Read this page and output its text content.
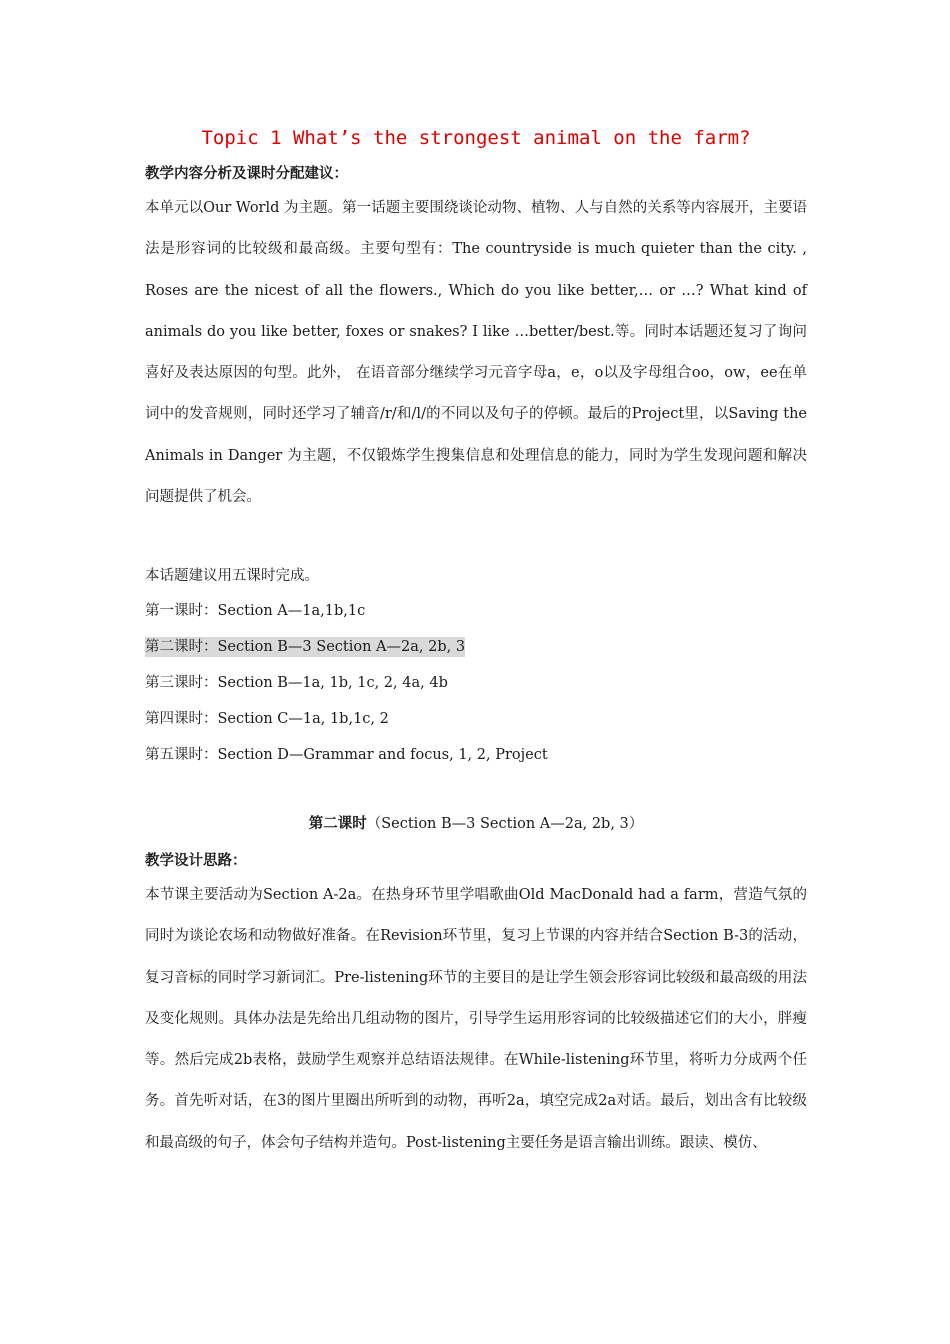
Topic 1 What’s the strongest animal on the farm?
教学内容分析及课时分配建议：
本单元以Our World 为主题。第一话题主要围绕谈论动物、植物、人与自然的关系等内容展开，主要语法是形容词的比较级和最高级。主要句型有：The countryside is much quieter than the city. , Roses are the nicest of all the flowers., Which do you like better,… or …? What kind of animals do you like better, foxes or snakes? I like …better/best.等。同时本话题还复习了询问喜好及表达原因的句型。此外， 在语音部分继续学习元音字母a，e，o以及字母组合oo，ow，ee在单词中的发音规则，同时还学习了辅音/r/和/l/的不同以及句子的停顿。最后的Project里，以Saving the Animals in Danger 为主题，不仅锻炼学生搜集信息和处理信息的能力，同时为学生发现问题和解决问题提供了机会。
本话题建议用五课时完成。
第一课时：Section A—1a,1b,1c
第二课时：Section B—3 Section A—2a, 2b, 3
第三课时：Section B—1a, 1b, 1c, 2, 4a, 4b
第四课时：Section C—1a, 1b,1c, 2
第五课时：Section D—Grammar and focus, 1, 2, Project
第二课时（Section B—3 Section A—2a, 2b, 3）
教学设计思路：
本节课主要活动为Section A-2a。在热身环节里学唱歌曲Old MacDonald had a farm，营造气氛的同时为谈论农场和动物做好准备。在Revision环节里，复习上节课的内容并结合Section B-3的活动，复习音标的同时学习新词汇。Pre-listening环节的主要目的是让学生领会形容词比较级和最高级的用法及变化规则。具体办法是先给出几组动物的图片，引导学生运用形容词的比较级描述它们的大小，胖瘦等。然后完成2b表格，鼓励学生观察并总结语法规律。在While-listening环节里，将听力分成两个任务。首先听对话，在3的图片里圈出所听到的动物，再听2a，填空完成2a对话。最后，划出含有比较级和最高级的句子，体会句子结构并造句。Post-listening主要任务是语言输出训练。跟读、模仿、
